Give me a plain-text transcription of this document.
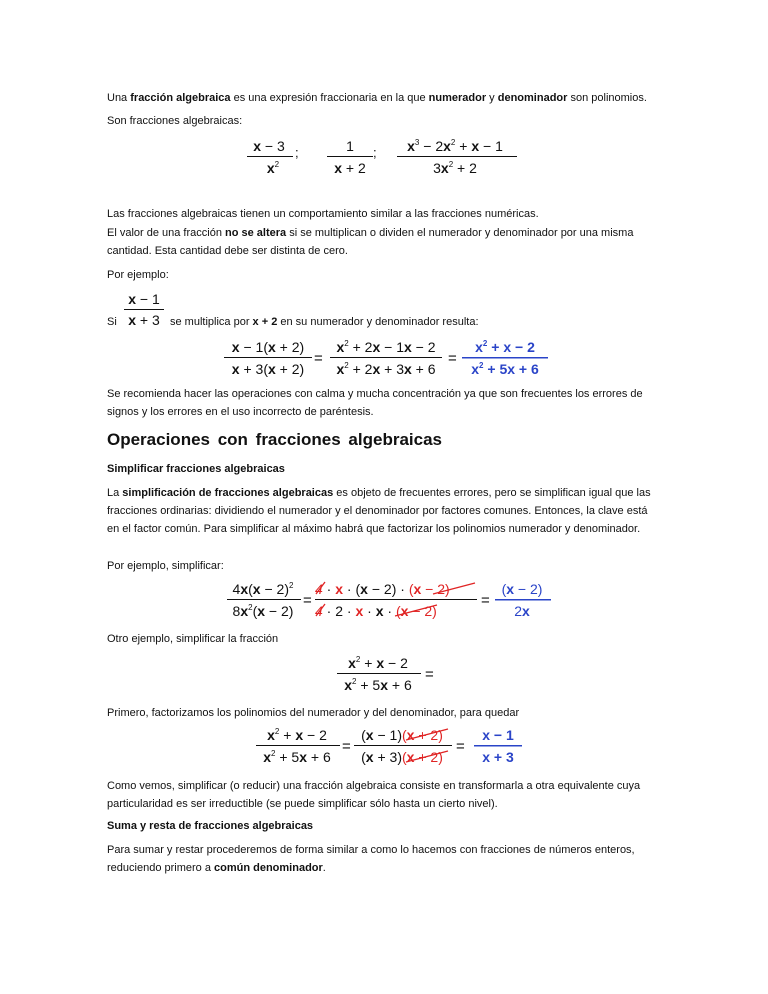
Una fracción algebraica es una expresión fraccionaria en la que numerador y denominador son polinomios.

Son fracciones algebraicas:

x − 3
$x^2$
;	1
x + 2
; $x^3 - 2x^2 + x - 1$
$3x^2 + 2$

Las fracciones algebraicas tienen un comportamiento similar a las fracciones numéricas.

El valor de una fracción no se altera si se multiplican o dividen el numerador y denominador por una misma cantidad. Esta cantidad debe ser distinta de cero.

Por ejemplo:

Si
x − 1
x + 3 se multiplica por x + 2 en su numerador y denominador resulta:

x − 1(x + 2)
x + 3(x + 2)
=
$x^2 + 2x - 1x - 2$
$x^2 + 2x + 3x + 6$
=
$x^2 + x - 2$
$x^2 + 5x + 6$

Se recomienda hacer las operaciones con calma y mucha concentración ya que son frecuentes los errores de signos y los errores en el uso incorrecto de paréntesis.

Operaciones con fracciones algebraicas
Simplificar fracciones algebraicas

La simplificación de fracciones algebraicas es objeto de frecuentes errores, pero se simplifican igual que las fracciones ordinarias: dividiendo el numerador y el denominador por factores comunes. Entonces, la clave está en el factor común. Para simplificar al máximo habrá que factorizar los polinomios numerador y denominador.

Por ejemplo, simplificar:

$4x(x - 2)^2$
$8x^2(x - 2)$
=
4 · x · (x − 2) · (x − 2)
4 · 2 · x · x · (x − 2)
=
(x − 2)
2x

Otro ejemplo, simplificar la fracción

$x^2 + x - 2$
$x^2 + 5x + 6$
=

Primero, factorizamos los polinomios del numerador y del denominador, para quedar

$x^2 + x - 2$
$x^2 + 5x + 6$
=
(x − 1)(x + 2)
(x + 3)(x + 2)
=
x − 1
x + 3

Como vemos, simplificar (o reducir) una fracción algebraica consiste en transformarla a otra equivalente cuya particularidad es ser irreductible (se puede simplificar sólo hasta un cierto nivel).

Suma y resta de fracciones algebraicas

Para sumar y restar procederemos de forma similar a como lo hacemos con fracciones de números enteros, reduciendo primero a común denominador.
